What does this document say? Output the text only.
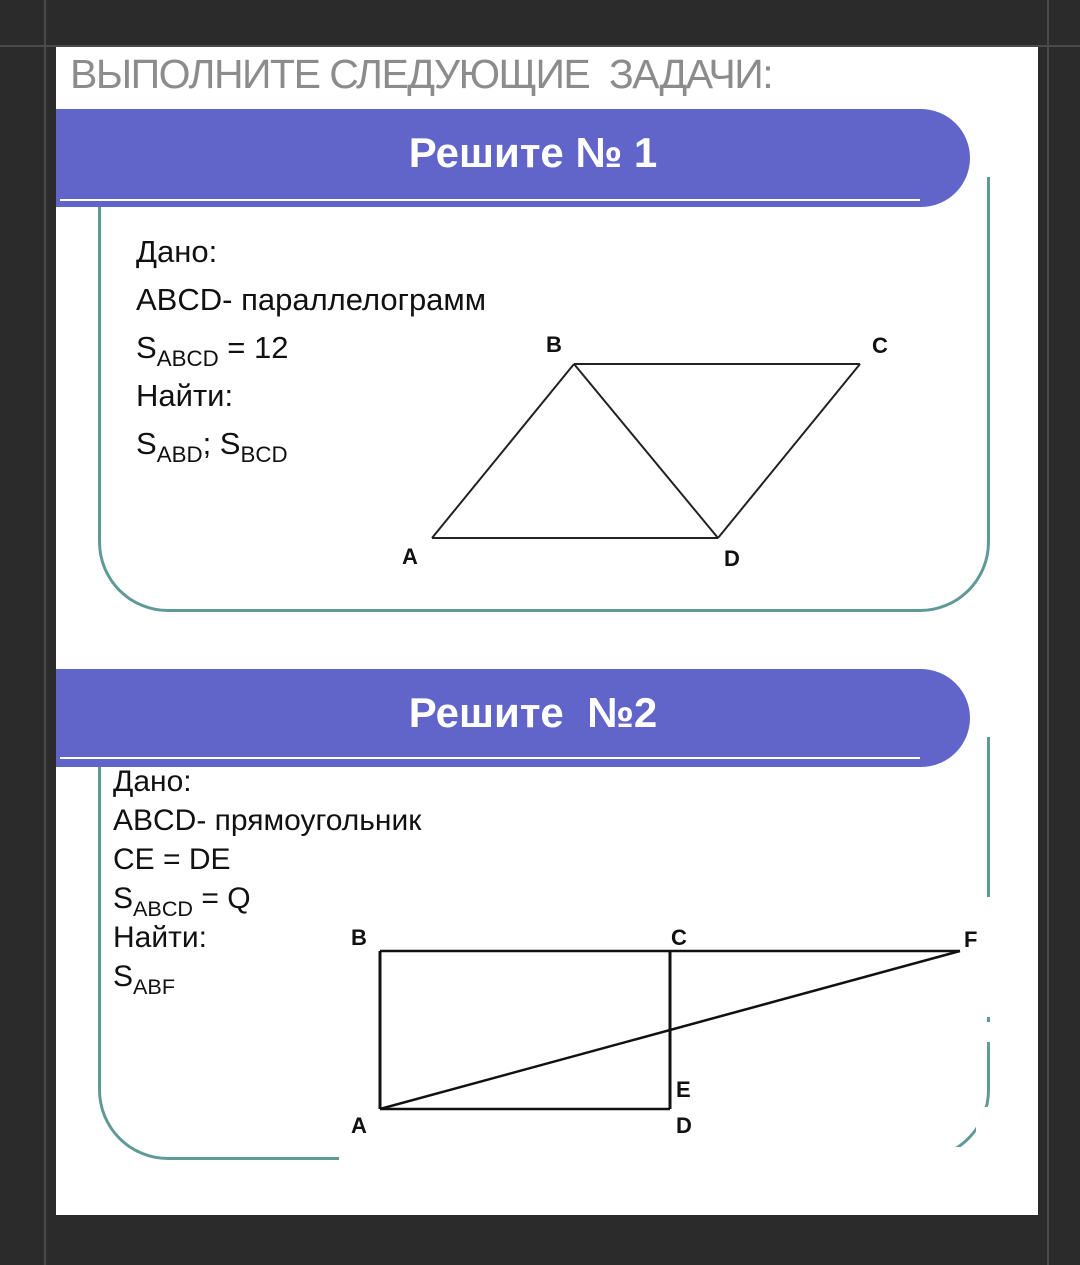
ВЫПОЛНИТЕ СЛЕДУЮЩИЕ  ЗАДАЧИ:
Решите № 1
Дано:
ABCD- параллелограмм
$S_{ABCD} = 12$
Найти:
$S_{ABD}$; $S_{BCD}$
B	C
A	D
Решите  №2
Дано:
ABCD- прямоугольник
CE = DE
$S_{ABCD} = Q$
Найти:
$S_{ABF}$
B	C	F
E
A	D
